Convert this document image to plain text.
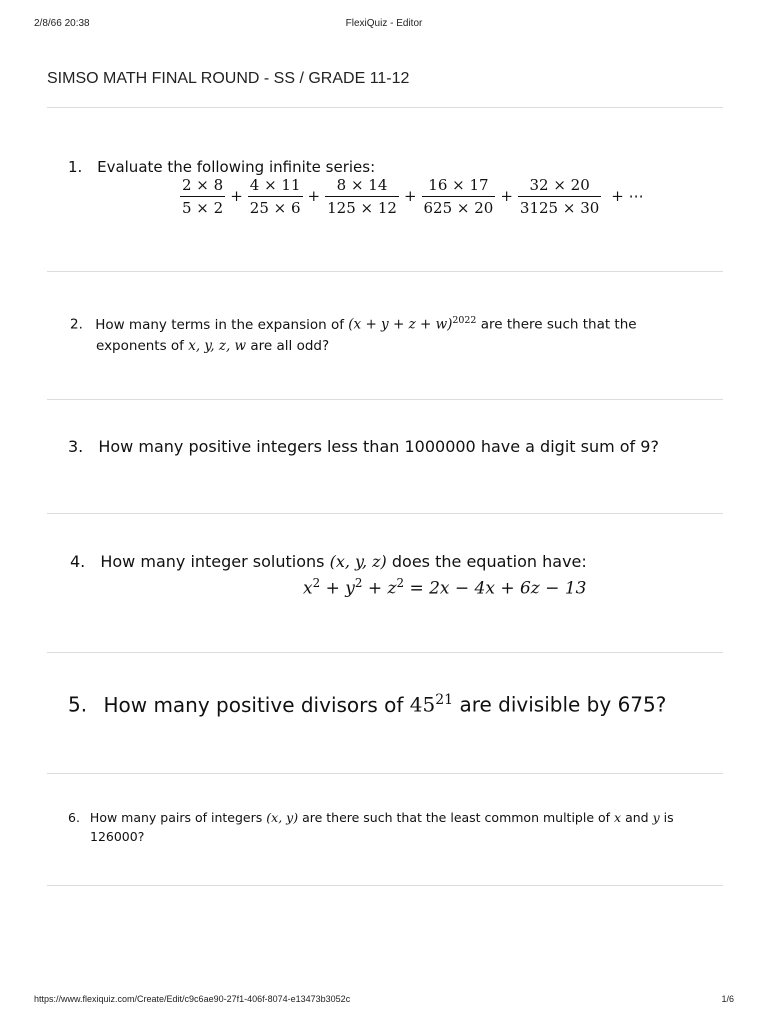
2/8/66 20:38	FlexiQuiz - Editor
SIMSO MATH FINAL ROUND - SS / GRADE 11-12
1. Evaluate the following infinite series:
$\frac{2 \times 8}{5 \times 2} + \frac{4 \times 11}{25 \times 6} + \frac{8 \times 14}{125 \times 12} + \frac{16 \times 17}{625 \times 20} + \frac{32 \times 20}{3125 \times 30}$ + ⋯
2. How many terms in the expansion of $(x + y + z + w)^{2022}$ are there such that the
exponents of x, y, z, w are all odd?
3. How many positive integers less than 1000000 have a digit sum of 9?
4. How many integer solutions (x, y, z) does the equation have:
$x^2 + y^2 + z^2 = 2x - 4x + 6z - 13$
5. How many positive divisors of $45^{21}$ are divisible by 675?
6. How many pairs of integers (x, y) are there such that the least common multiple of x and y is
126000?
https://www.flexiquiz.com/Create/Edit/c9c6ae90-27f1-406f-8074-e13473b3052c	1/6
